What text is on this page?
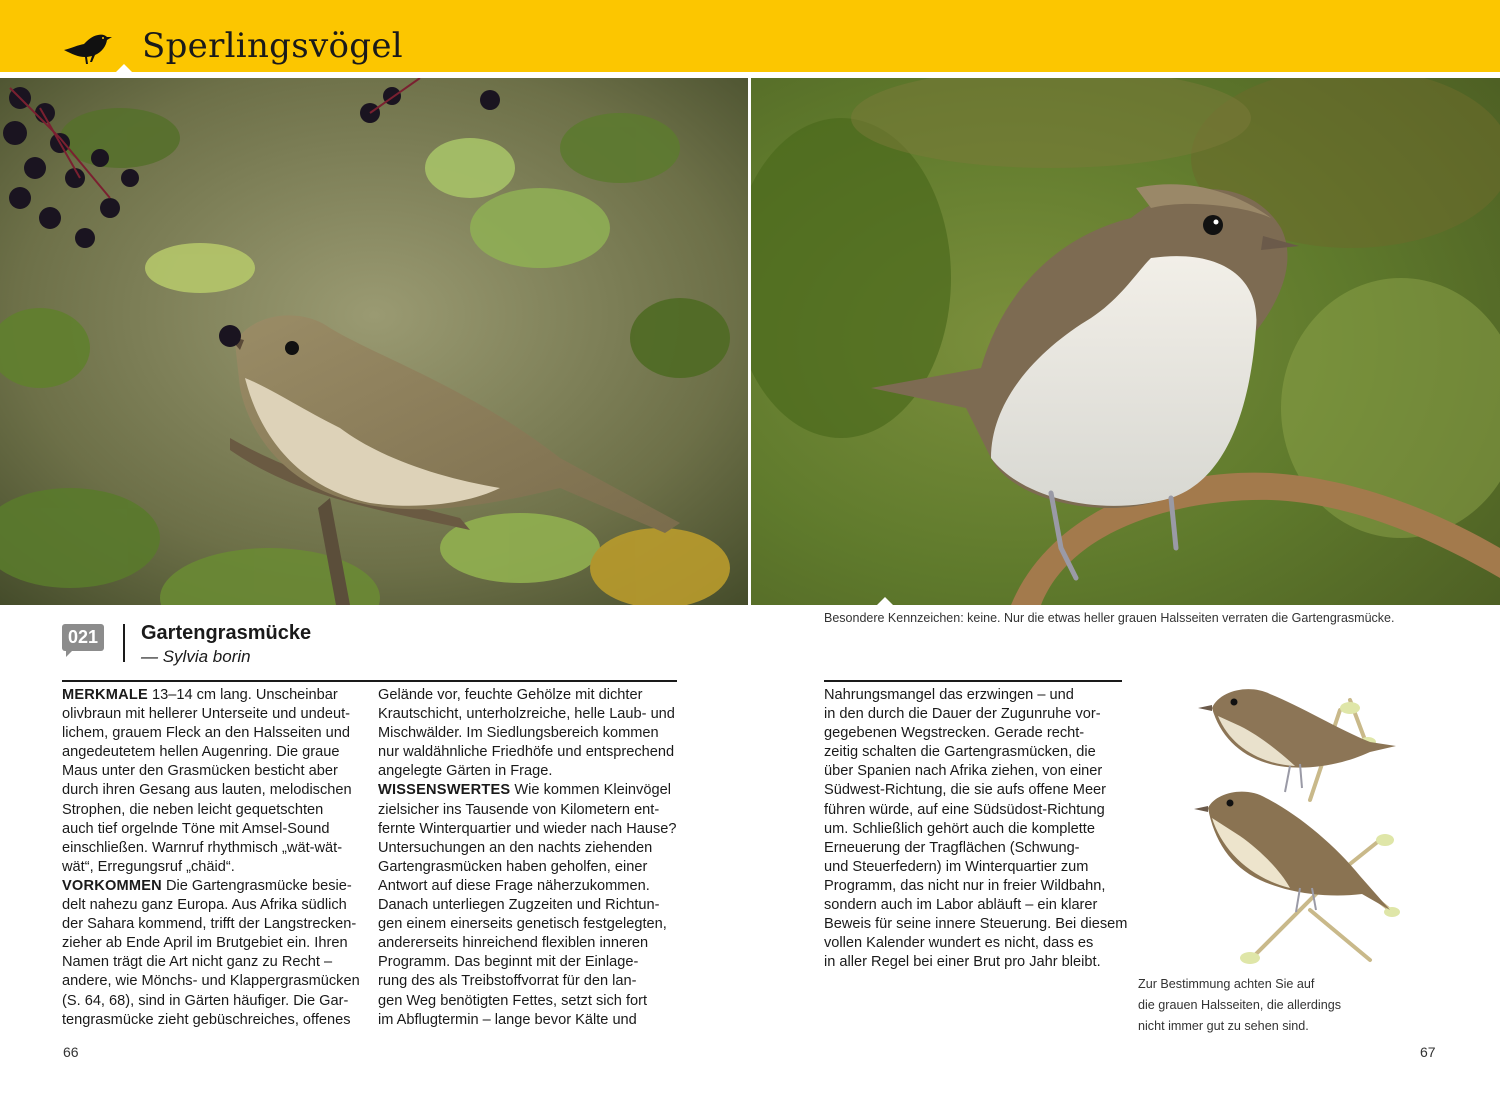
Sperlingsvögel
Besondere Kennzeichen: keine. Nur die etwas heller grauen Halsseiten verraten die Gartengrasmücke.
021 Gartengrasmücke
— Sylvia borin
MERKMALE 13–14 cm lang. Unscheinbar
olivbraun mit hellerer Unterseite und undeut-
lichem, grauem Fleck an den Halsseiten und
angedeutetem hellen Augenring. Die graue
Maus unter den Grasmücken besticht aber
durch ihren Gesang aus lauten, melodischen
Strophen, die neben leicht gequetschten
auch tief orgelnde Töne mit Amsel-Sound
einschließen. Warnruf rhythmisch „wät-wät-
wät“, Erregungsruf „chäid“.
VORKOMMEN Die Gartengrasmücke besie-
delt nahezu ganz Europa. Aus Afrika südlich
der Sahara kommend, trifft der Langstrecken-
zieher ab Ende April im Brutgebiet ein. Ihren
Namen trägt die Art nicht ganz zu Recht –
andere, wie Mönchs- und Klappergrasmücken
(S. 64, 68), sind in Gärten häufiger. Die Gar-
tengrasmücke zieht gebüschreiches, offenes
Gelände vor, feuchte Gehölze mit dichter
Krautschicht, unterholzreiche, helle Laub- und
Mischwälder. Im Siedlungsbereich kommen
nur waldähnliche Friedhöfe und entsprechend
angelegte Gärten in Frage.
WISSENSWERTES Wie kommen Kleinvögel
zielsicher ins Tausende von Kilometern ent-
fernte Winterquartier und wieder nach Hause?
Untersuchungen an den nachts ziehenden
Gartengrasmücken haben geholfen, einer
Antwort auf diese Frage näherzukommen.
Danach unterliegen Zugzeiten und Richtun-
gen einem einerseits genetisch festgelegten,
andererseits hinreichend flexiblen inneren
Programm. Das beginnt mit der Einlage-
rung des als Treibstoffvorrat für den lan-
gen Weg benötigten Fettes, setzt sich fort
im Abflugtermin – lange bevor Kälte und
Nahrungsmangel das erzwingen – und
in den durch die Dauer der Zugunruhe vor-
gegebenen Wegstrecken. Gerade recht-
zeitig schalten die Gartengrasmücken, die
über Spanien nach Afrika ziehen, von einer
Südwest-Richtung, die sie aufs offene Meer
führen würde, auf eine Südsüdost-Richtung
um. Schließlich gehört auch die komplette
Erneuerung der Tragflächen (Schwung-
und Steuerfedern) im Winterquartier zum
Programm, das nicht nur in freier Wildbahn,
sondern auch im Labor abläuft – ein klarer
Beweis für seine innere Steuerung. Bei diesem
vollen Kalender wundert es nicht, dass es
in aller Regel bei einer Brut pro Jahr bleibt.
Zur Bestimmung achten Sie auf
die grauen Halsseiten, die allerdings
nicht immer gut zu sehen sind.
66	67
